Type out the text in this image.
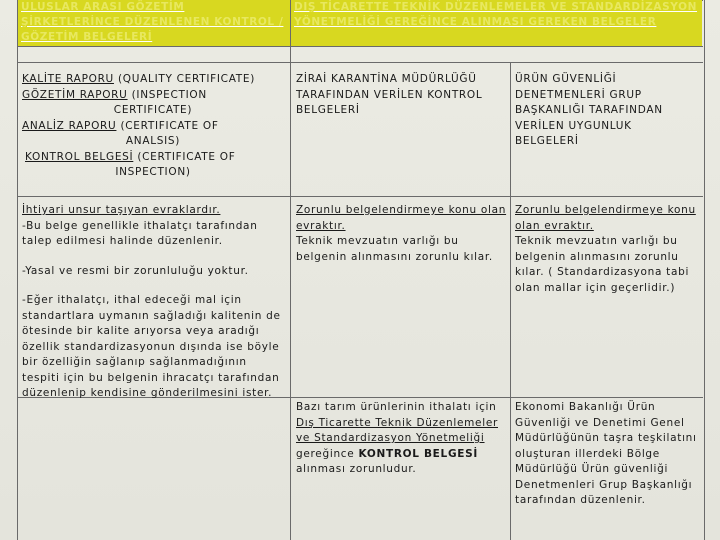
ULUSLAR ARASI GÖZETİM ŞİRKETLERİNCE DÜZENLENEN KONTROL / GÖZETİM BELGELERİ
DIŞ TİCARETTE TEKNİK DÜZENLEMELER VE STANDARDİZASYON YÖNETMELİĞİ GEREĞİNCE ALINMASI GEREKEN BELGELER
KALİTE RAPORU (QUALITY CERTIFICATE)
GÖZETİM RAPORU (INSPECTION
CERTIFICATE)
ANALİZ RAPORU (CERTIFICATE OF
ANALSIS)
KONTROL BELGESİ (CERTIFICATE OF
INSPECTION)
ZİRAİ KARANTİNA MÜDÜRLÜĞÜ TARAFINDAN VERİLEN KONTROL BELGELERİ
ÜRÜN GÜVENLİĞİ DENETMENLERİ GRUP BAŞKANLIĞI TARAFINDAN VERİLEN UYGUNLUK BELGELERİ

İhtiyari unsur taşıyan evraklardır.

-Bu belge genellikle ithalatçı tarafından talep edilmesi halinde düzenlenir.

-Yasal ve resmi bir zorunluluğu yoktur.

-Eğer ithalatçı, ithal edeceği mal için standartlara uymanın sağladığı kalitenin de ötesinde bir kalite arıyorsa veya aradığı özellik standardizasyonun dışında ise böyle bir özelliğin sağlanıp sağlanmadığının tespiti için bu belgenin ihracatçı tarafından düzenlenip kendisine gönderilmesini ister.

Zorunlu belgelendirmeye konu olan evraktır.

Teknik mevzuatın varlığı bu belgenin alınmasını zorunlu kılar.

Zorunlu belgelendirmeye konu olan evraktır.

Teknik mevzuatın varlığı bu belgenin alınmasını zorunlu kılar. ( Standardizasyona tabi olan mallar için geçerlidir.)

Bazı tarım ürünlerinin ithalatı için Dış Ticarette Teknik Düzenlemeler ve Standardizasyon Yönetmeliği gereğince KONTROL BELGESİ alınması zorunludur.
Ekonomi Bakanlığı Ürün Güvenliği ve Denetimi Genel Müdürlüğünün taşra teşkilatını oluşturan illerdeki Bölge Müdürlüğü Ürün güvenliği Denetmenleri Grup Başkanlığı tarafından düzenlenir.
